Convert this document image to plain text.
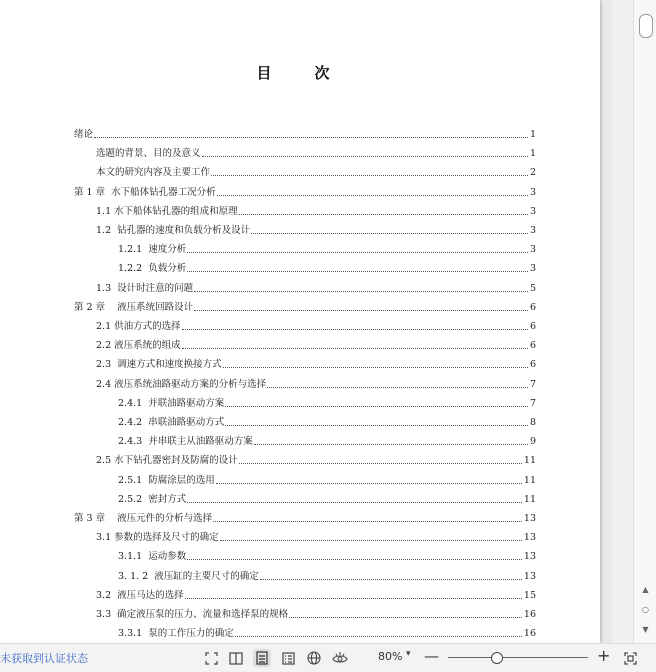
目　次
绪论	1
选题的背景、目的及意义	1
本文的研究内容及主要工作	2
第 1 章  水下船体钻孔器工况分析	3
1.1 水下船体钻孔器的组成和原理	3
1.2  钻孔器的速度和负载分析及设计	3
1.2.1  速度分析	3
1.2.2  负载分析	3
1.3  设计时注意的问题	5
第 2 章    液压系统回路设计	6
2.1 供油方式的选择	6
2.2 液压系统的组成	6
2.3  调速方式和速度换接方式	6
2.4 液压系统油路驱动方案的分析与选择	7
2.4.1  并联油路驱动方案	7
2.4.2  串联油路驱动方式	8
2.4.3  并串联主从油路驱动方案	9
2.5 水下钻孔器密封及防腐的设计	11
2.5.1  防腐涂层的选用	11
2.5.2  密封方式	11
第 3 章    液压元件的分析与选择	13
3.1 参数的选择及尺寸的确定	13
3.1.1  运动参数	13
3. 1. 2  液压缸的主要尺寸的确定	13
3.2  液压马达的选择	15
3.3  确定液压泵的压力、流量和选择泵的规格	16
3.3.1  泵的工作压力的确定	16
▲
○
▼
未获取到认证状态	80% ▾ —	+
